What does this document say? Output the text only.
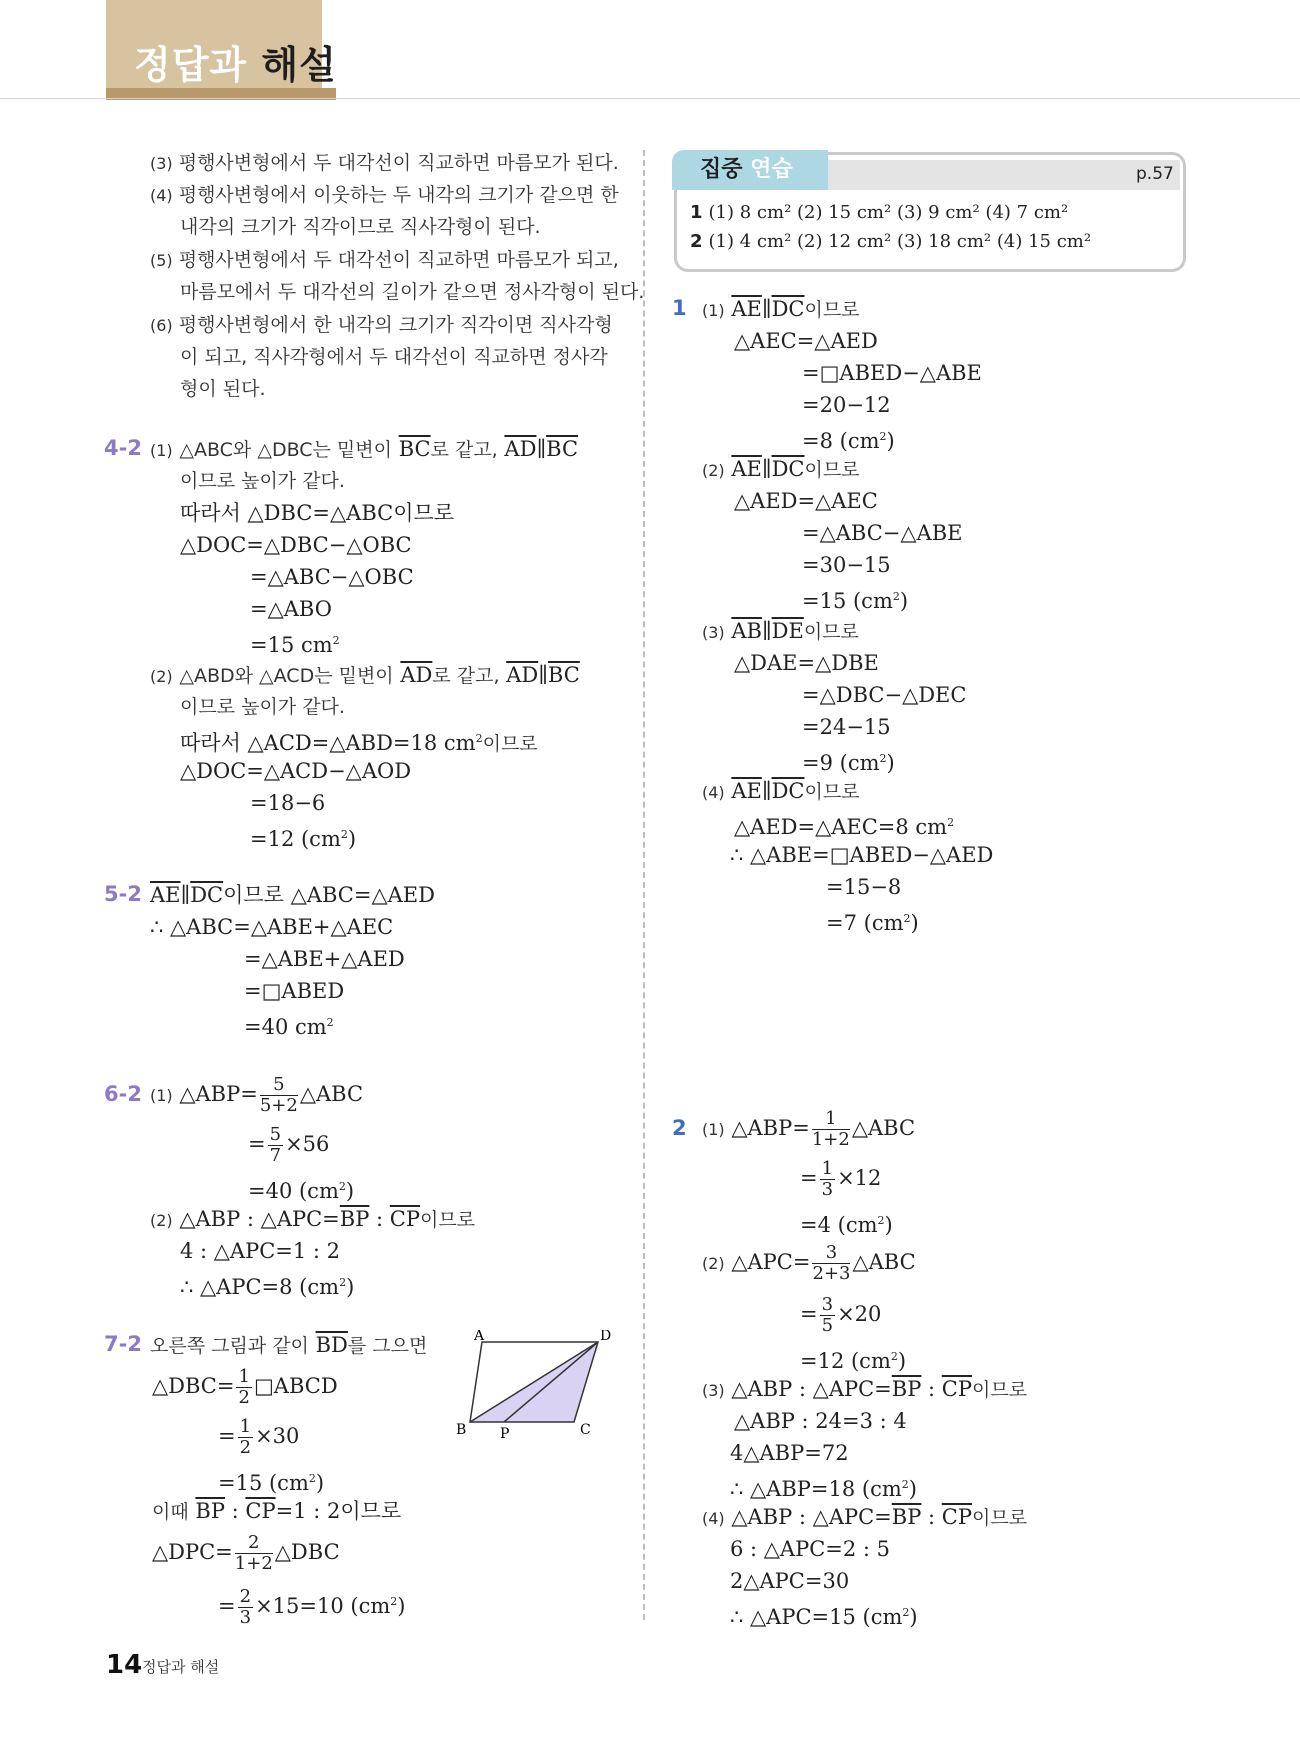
정답과 해설
(3) 평행사변형에서 두 대각선이 직교하면 마름모가 된다.
(4) 평행사변형에서 이웃하는 두 내각의 크기가 같으면 한
내각의 크기가 직각이므로 직사각형이 된다.
(5) 평행사변형에서 두 대각선이 직교하면 마름모가 되고,
마름모에서 두 대각선의 길이가 같으면 정사각형이 된다.
(6) 평행사변형에서 한 내각의 크기가 직각이면 직사각형
이 되고, 직사각형에서 두 대각선이 직교하면 정사각
형이 된다.
4-2 (1) △ABC와 △DBC는 밑변이 $\overline{BC}$로 같고, $\overline{AD}\parallel\overline{BC}$
이므로 높이가 같다.
따라서 △DBC=△ABC이므로
△DOC=△DBC−△OBC
=△ABC−△OBC
=△ABO
=15 $cm^2$
(2) △ABD와 △ACD는 밑변이 $\overline{AD}$로 같고, $\overline{AD}\parallel\overline{BC}$
이므로 높이가 같다.
따라서 △ACD=△ABD=18 $cm^2$이므로
△DOC=△ACD−△AOD
=18−6
=12 $(cm^2)$
5-2 $\overline{AE}\parallel\overline{DC}$이므로 △ABC=△AED
∴ △ABC=△ABE+△AEC
=△ABE+△AED
=□ABED
=40 $cm^2$
6-2 (1) △ABP= $\frac{5}{5+2}$ △ABC
= $\frac{5}{7} \times 56$
=40 $(cm^2)$
(2) △ABP : $\triangle APC=\overline{BP}$ : $\overline{CP}$이므로
4 : △APC=1 : 2
∴ △APC=8 $(cm^2)$
7-2 오른쪽 그림과 같이 $\overline{BD}$를 그으면
△DBC= $\frac{1}{2}$ □ABCD
= $\frac{1}{2} \times 30$
=15 $(cm^2)$
이때 $\overline{BP}$ : $\overline{CP}=1$ : 2이므로
△DPC= $\frac{2}{1+2}$ △DBC
= $\frac{2}{3} \times 15=10$ $(cm^2)$
A	D
B P	C
집중 연습	p.57
1 (1) 8 cm² (2) 15 cm² (3) 9 cm² (4) 7 cm²
2 (1) 4 cm² (2) 12 cm² (3) 18 cm² (4) 15 cm²
1 (1) $\overline{AE}\parallel\overline{DC}$이므로
△AEC=△AED
=□ABED−△ABE
=20−12
=8 $(cm^2)$
(2) $\overline{AE}\parallel\overline{DC}$이므로
△AED=△AEC
=△ABC−△ABE
=30−15
=15 $(cm^2)$
(3) $\overline{AB}\parallel\overline{DE}$이므로
△DAE=△DBE
=△DBC−△DEC
=24−15
=9 $(cm^2)$
(4) $\overline{AE}\parallel\overline{DC}$이므로
△AED=△AEC=8 $cm^2$
∴ △ABE=□ABED−△AED
=15−8
=7 $(cm^2)$
2 (1) △ABP= $\frac{1}{1+2}$ △ABC
= $\frac{1}{3} \times 12$
=4 $(cm^2)$
(2) △APC= $\frac{3}{2+3}$ △ABC
= $\frac{3}{5} \times 20$
=12 $(cm^2)$
(3) △ABP : $\triangle APC=\overline{BP}$ : $\overline{CP}$이므로
△ABP : 24=3 : 4
4△ABP=72
∴ △ABP=18 $(cm^2)$
(4) △ABP : $\triangle APC=\overline{BP}$ : $\overline{CP}$이므로
6 : △APC=2 : 5
2△APC=30
∴ △APC=15 $(cm^2)$
14 정답과 해설
